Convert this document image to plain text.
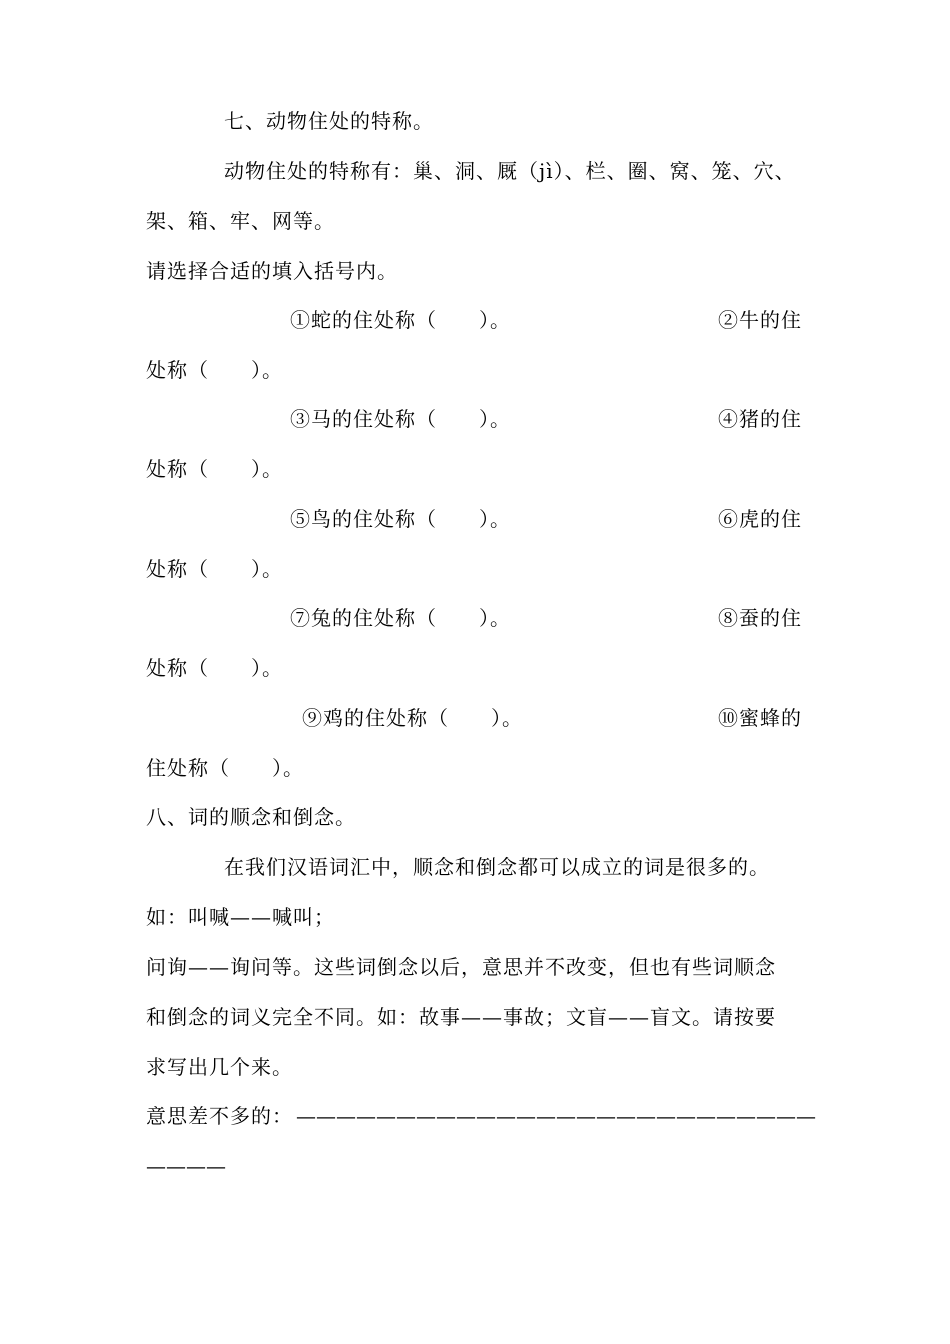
七、动物住处的特称。
动物住处的特称有：巢、洞、厩（jì）、栏、圈、窝、笼、穴、
架、箱、牢、网等。
请选择合适的填入括号内。
①蛇的住处称（　　）。	②牛的住
处称（　　）。
③马的住处称（　　）。	④猪的住
处称（　　）。
⑤鸟的住处称（　　）。	⑥虎的住
处称（　　）。
⑦兔的住处称（　　）。	⑧蚕的住
处称（　　）。
⑨鸡的住处称（　　）。	⑩蜜蜂的
住处称（　　）。
八、词的顺念和倒念。
在我们汉语词汇中，顺念和倒念都可以成立的词是很多的。
如：叫喊——喊叫；
问询——询问等。这些词倒念以后，意思并不改变，但也有些词顺念
和倒念的词义完全不同。如：故事——事故；文盲——盲文。请按要
求写出几个来。
意思差不多的： ——————————————————————————
————
